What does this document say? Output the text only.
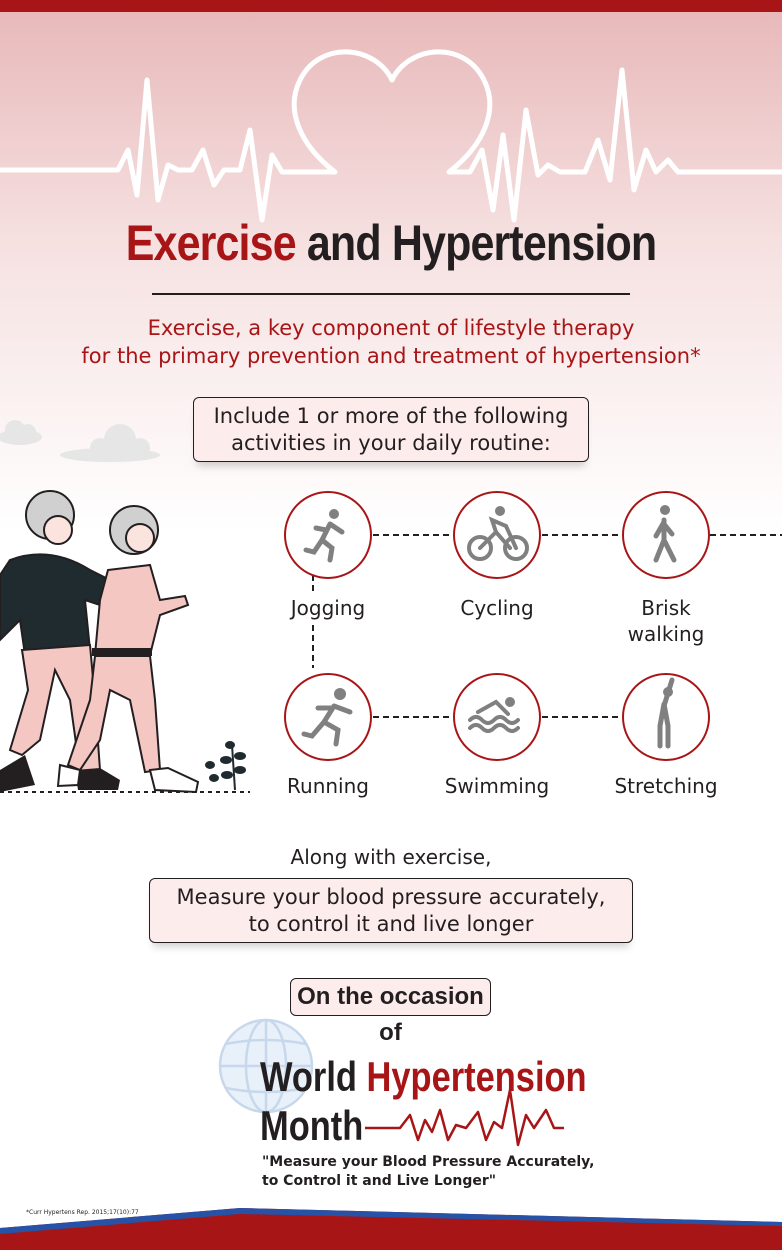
Exercise and Hypertension
Exercise, a key component of lifestyle therapy
for the primary prevention and treatment of hypertension*
Include 1 or more of the following
activities in your daily routine:
Jogging	Cycling	Brisk
walking
Running	Swimming	Stretching
Along with exercise,
Measure your blood pressure accurately,
to control it and live longer
On the occasion of
World Hypertension
Month
"Measure your Blood Pressure Accurately,
to Control it and Live Longer"
*Curr Hypertens Rep. 2015;17(10):77
